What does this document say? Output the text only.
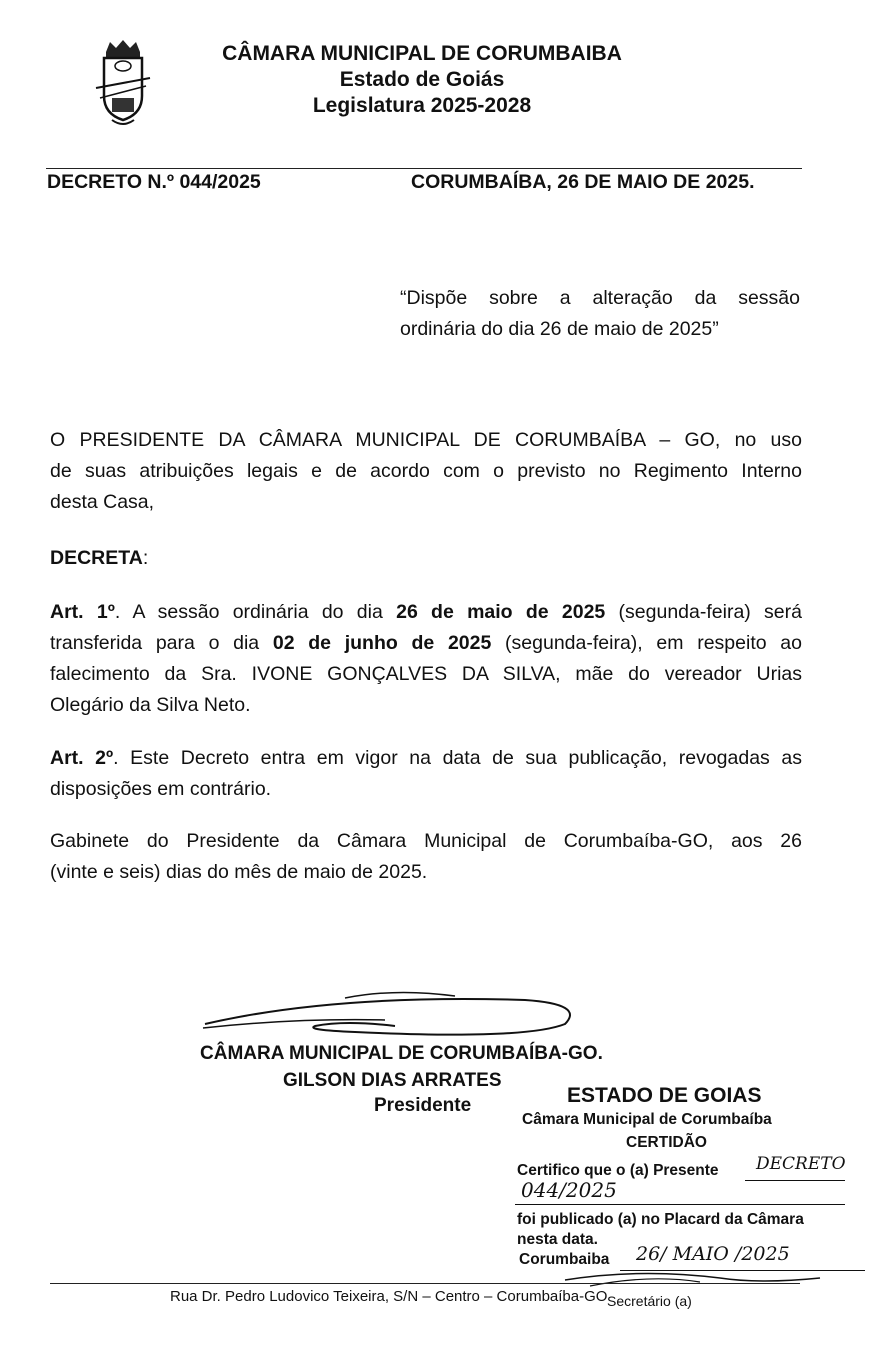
CÂMARA MUNICIPAL DE CORUMBAIBA
Estado de Goiás
Legislatura 2025-2028
DECRETO N.º 044/2025	CORUMBAÍBA, 26 DE MAIO DE 2025.
“Dispõe sobre a alteração da sessão
ordinária do dia 26 de maio de 2025”
O PRESIDENTE DA CÂMARA MUNICIPAL DE CORUMBAÍBA – GO, no uso
de suas atribuições legais e de acordo com o previsto no Regimento Interno
desta Casa,
DECRETA:
Art. 1º. A sessão ordinária do dia 26 de maio de 2025 (segunda-feira) será
transferida para o dia 02 de junho de 2025 (segunda-feira), em respeito ao
falecimento da Sra. IVONE GONÇALVES DA SILVA, mãe do vereador Urias
Olegário da Silva Neto.
Art. 2º. Este Decreto entra em vigor na data de sua publicação, revogadas as
disposições em contrário.
Gabinete do Presidente da Câmara Municipal de Corumbaíba-GO, aos 26
(vinte e seis) dias do mês de maio de 2025.
CÂMARA MUNICIPAL DE CORUMBAÍBA-GO.
GILSON DIAS ARRATES
Presidente	ESTADO DE GOIAS
Câmara Municipal de Corumbaíba
CERTIDÃO
Certifico que o (a) Presente DECRETO
044/2025
foi publicado (a) no Placard da Câmara
nesta data.
Corumbaiba 26/ MAIO /2025
Secretário (a)
Rua Dr. Pedro Ludovico Teixeira, S/N – Centro – Corumbaíba-GO
